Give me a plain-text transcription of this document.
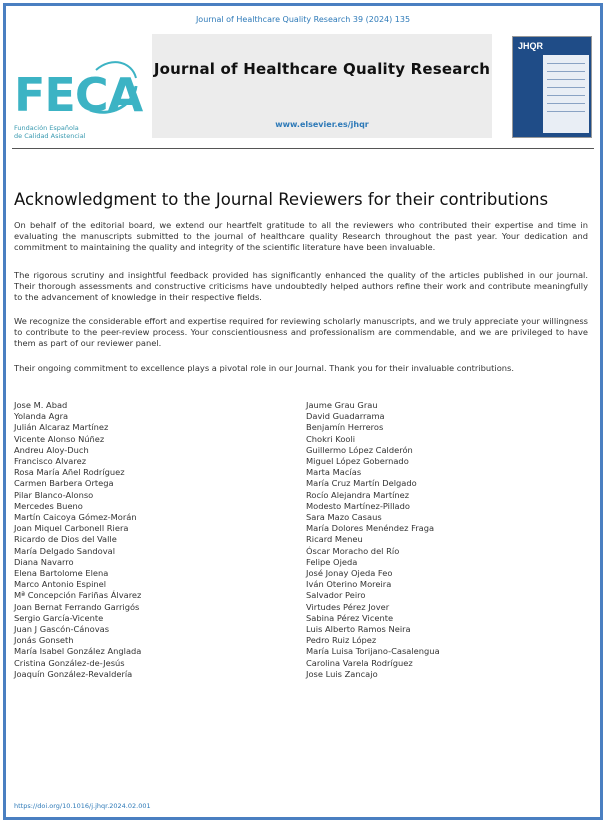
Journal of Healthcare Quality Research 39 (2024) 135
FECA
Fundación Española
de Calidad Asistencial
Journal of Healthcare Quality Research
www.elsevier.es/jhqr
JHQR
Acknowledgment to the Journal Reviewers for their contributions

On behalf of the editorial board, we extend our heartfelt gratitude to all the reviewers who contributed their expertise and time in evaluating the manuscripts submitted to the journal of healthcare quality Research throughout the past year. Your dedication and commitment to maintaining the quality and integrity of the scientific literature have been invaluable.

The rigorous scrutiny and insightful feedback provided has significantly enhanced the quality of the articles published in our journal. Their thorough assessments and constructive criticisms have undoubtedly helped authors refine their work and contribute meaningfully to the advancement of knowledge in their respective fields.

We recognize the considerable effort and expertise required for reviewing scholarly manuscripts, and we truly appreciate your willingness to contribute to the peer-review process. Your conscientiousness and professionalism are commendable, and we are privileged to have them as part of our reviewer panel.

Their ongoing commitment to excellence plays a pivotal role in our Journal. Thank you for their invaluable contributions.

Jose M. Abad
Yolanda Agra
Julián Alcaraz Martínez
Vicente Alonso Núñez
Andreu Aloy-Duch
Francisco Alvarez
Rosa María Añel Rodríguez
Carmen Barbera Ortega
Pilar Blanco-Alonso
Mercedes Bueno
Martín Caicoya Gómez-Morán
Joan Miquel Carbonell Riera
Ricardo de Dios del Valle
María Delgado Sandoval
Diana Navarro
Elena Bartolome Elena
Marco Antonio Espinel
Mª Concepción Fariñas Álvarez
Joan Bernat Ferrando Garrigós
Sergio García-Vicente
Juan J Gascón-Cánovas
Jonás Gonseth
María Isabel González Anglada
Cristina González-de-Jesús
Joaquín González-Revaldería
Jaume Grau Grau
David Guadarrama
Benjamín Herreros
Chokri Kooli
Guillermo López Calderón
Miguel López Gobernado
Marta Macías
María Cruz Martín Delgado
Rocío Alejandra Martínez
Modesto Martínez-Pillado
Sara Mazo Casaus
María Dolores Menéndez Fraga
Ricard Meneu
Óscar Moracho del Río
Felipe Ojeda
José Jonay Ojeda Feo
Iván Oterino Moreira
Salvador Peiro
Virtudes Pérez Jover
Sabina Pérez Vicente
Luis Alberto Ramos Neira
Pedro Ruiz López
María Luisa Torijano-Casalengua
Carolina Varela Rodríguez
Jose Luis Zancajo
https://doi.org/10.1016/j.jhqr.2024.02.001
